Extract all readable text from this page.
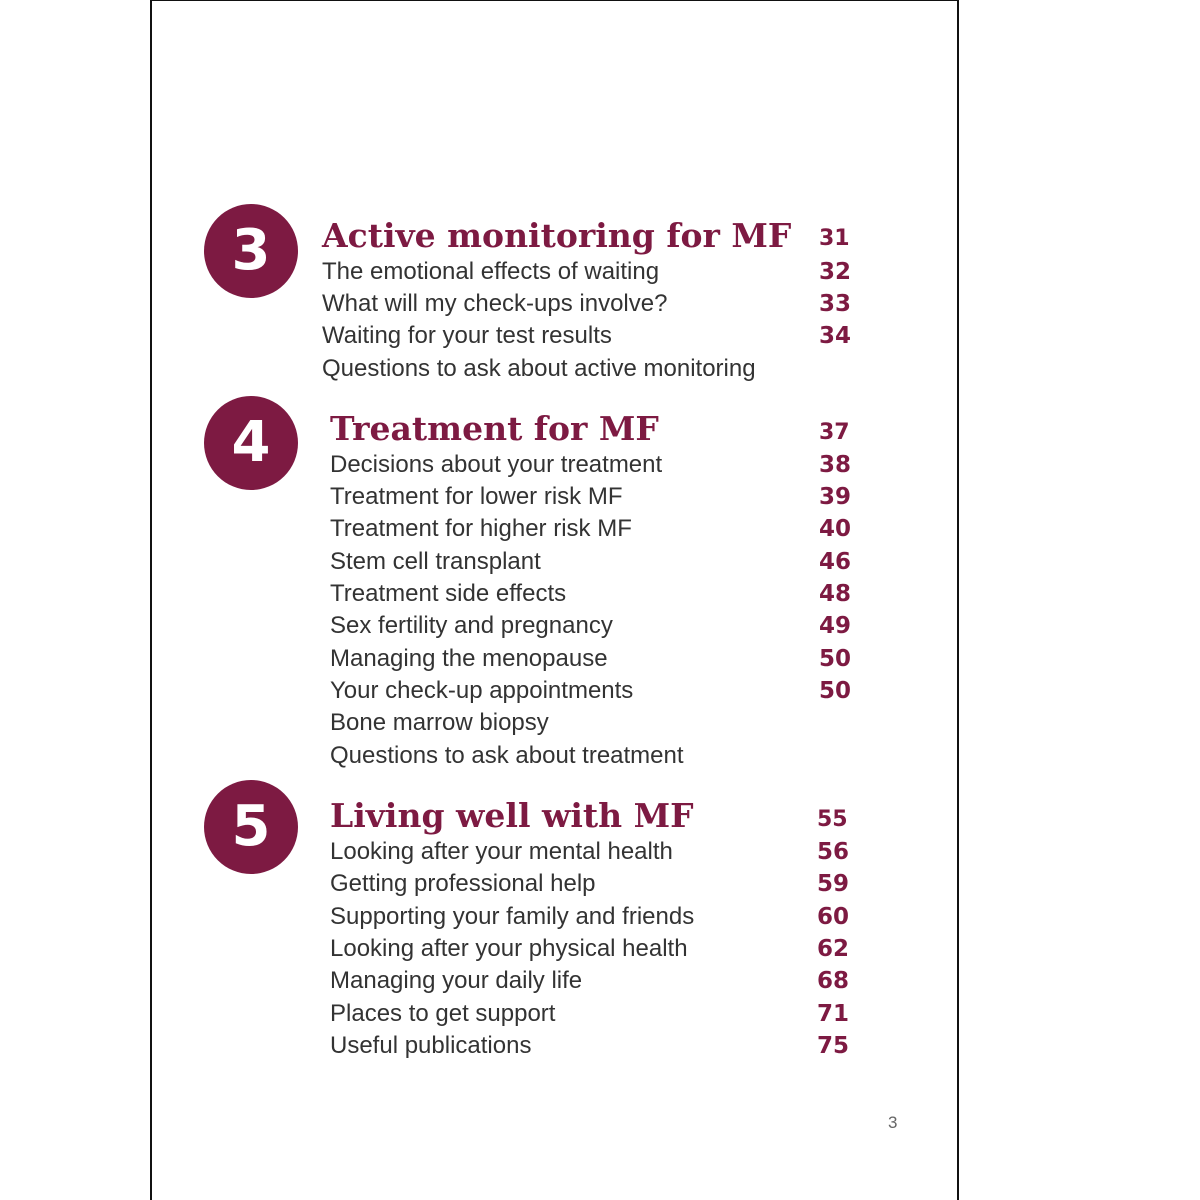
3	Active monitoring for MF 31
The emotional effects of waiting	32
What will my check-ups involve?	33
Waiting for your test results	34
Questions to ask about active monitoring
4	Treatment for MF	37
Decisions about your treatment	38
Treatment for lower risk MF	39
Treatment for higher risk MF	40
Stem cell transplant	46
Treatment side effects	48
Sex fertility and pregnancy	49
Managing the menopause	50
Your check-up appointments	50
Bone marrow biopsy
Questions to ask about treatment
5	Living well with MF	55
Looking after your mental health	56
Getting professional help	59
Supporting your family and friends	60
Looking after your physical health	62
Managing your daily life	68
Places to get support	71
Useful publications	75
3
